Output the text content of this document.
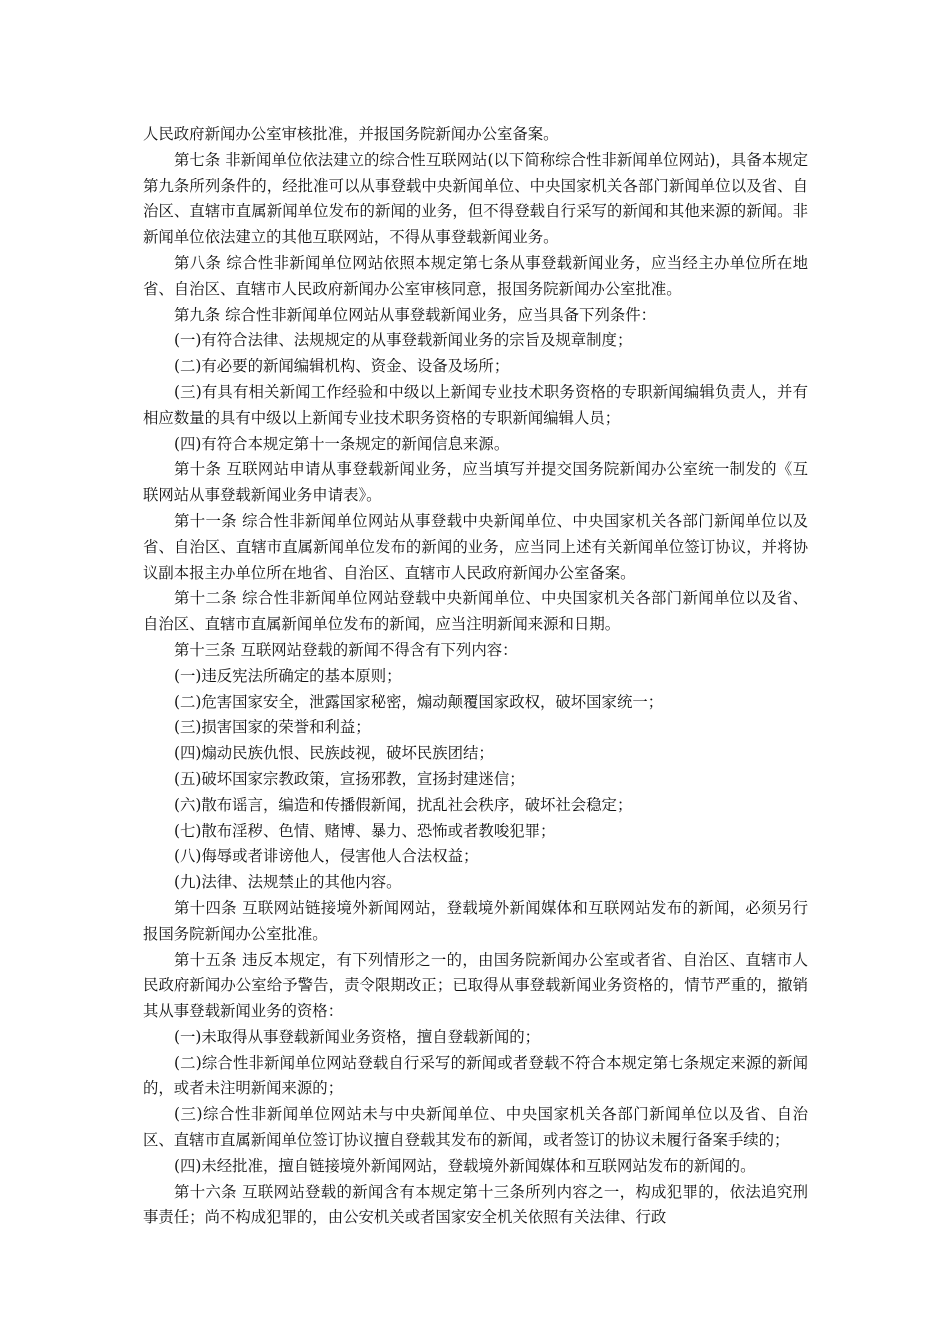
人民政府新闻办公室审核批准，并报国务院新闻办公室备案。

第七条 非新闻单位依法建立的综合性互联网站(以下简称综合性非新闻单位网站)，具备本规定第九条所列条件的，经批准可以从事登载中央新闻单位、中央国家机关各部门新闻单位以及省、自治区、直辖市直属新闻单位发布的新闻的业务，但不得登载自行采写的新闻和其他来源的新闻。非新闻单位依法建立的其他互联网站，不得从事登载新闻业务。

第八条 综合性非新闻单位网站依照本规定第七条从事登载新闻业务，应当经主办单位所在地省、自治区、直辖市人民政府新闻办公室审核同意，报国务院新闻办公室批准。

第九条 综合性非新闻单位网站从事登载新闻业务，应当具备下列条件：

(一)有符合法律、法规规定的从事登载新闻业务的宗旨及规章制度；

(二)有必要的新闻编辑机构、资金、设备及场所；

(三)有具有相关新闻工作经验和中级以上新闻专业技术职务资格的专职新闻编辑负责人，并有相应数量的具有中级以上新闻专业技术职务资格的专职新闻编辑人员；

(四)有符合本规定第十一条规定的新闻信息来源。

第十条 互联网站申请从事登载新闻业务，应当填写并提交国务院新闻办公室统一制发的《互联网站从事登载新闻业务申请表》。

第十一条 综合性非新闻单位网站从事登载中央新闻单位、中央国家机关各部门新闻单位以及省、自治区、直辖市直属新闻单位发布的新闻的业务，应当同上述有关新闻单位签订协议，并将协议副本报主办单位所在地省、自治区、直辖市人民政府新闻办公室备案。

第十二条 综合性非新闻单位网站登载中央新闻单位、中央国家机关各部门新闻单位以及省、自治区、直辖市直属新闻单位发布的新闻，应当注明新闻来源和日期。

第十三条 互联网站登载的新闻不得含有下列内容：

(一)违反宪法所确定的基本原则；

(二)危害国家安全，泄露国家秘密，煽动颠覆国家政权，破坏国家统一；

(三)损害国家的荣誉和利益；

(四)煽动民族仇恨、民族歧视，破坏民族团结；

(五)破坏国家宗教政策，宣扬邪教，宣扬封建迷信；

(六)散布谣言，编造和传播假新闻，扰乱社会秩序，破坏社会稳定；

(七)散布淫秽、色情、赌博、暴力、恐怖或者教唆犯罪；

(八)侮辱或者诽谤他人，侵害他人合法权益；

(九)法律、法规禁止的其他内容。

第十四条 互联网站链接境外新闻网站，登载境外新闻媒体和互联网站发布的新闻，必须另行报国务院新闻办公室批准。

第十五条 违反本规定，有下列情形之一的，由国务院新闻办公室或者省、自治区、直辖市人民政府新闻办公室给予警告，责令限期改正；已取得从事登载新闻业务资格的，情节严重的，撤销其从事登载新闻业务的资格：

(一)未取得从事登载新闻业务资格，擅自登载新闻的；

(二)综合性非新闻单位网站登载自行采写的新闻或者登载不符合本规定第七条规定来源的新闻的，或者未注明新闻来源的；

(三)综合性非新闻单位网站未与中央新闻单位、中央国家机关各部门新闻单位以及省、自治区、直辖市直属新闻单位签订协议擅自登载其发布的新闻，或者签订的协议未履行备案手续的；

(四)未经批准，擅自链接境外新闻网站，登载境外新闻媒体和互联网站发布的新闻的。

第十六条 互联网站登载的新闻含有本规定第十三条所列内容之一，构成犯罪的，依法追究刑事责任；尚不构成犯罪的，由公安机关或者国家安全机关依照有关法律、行政
